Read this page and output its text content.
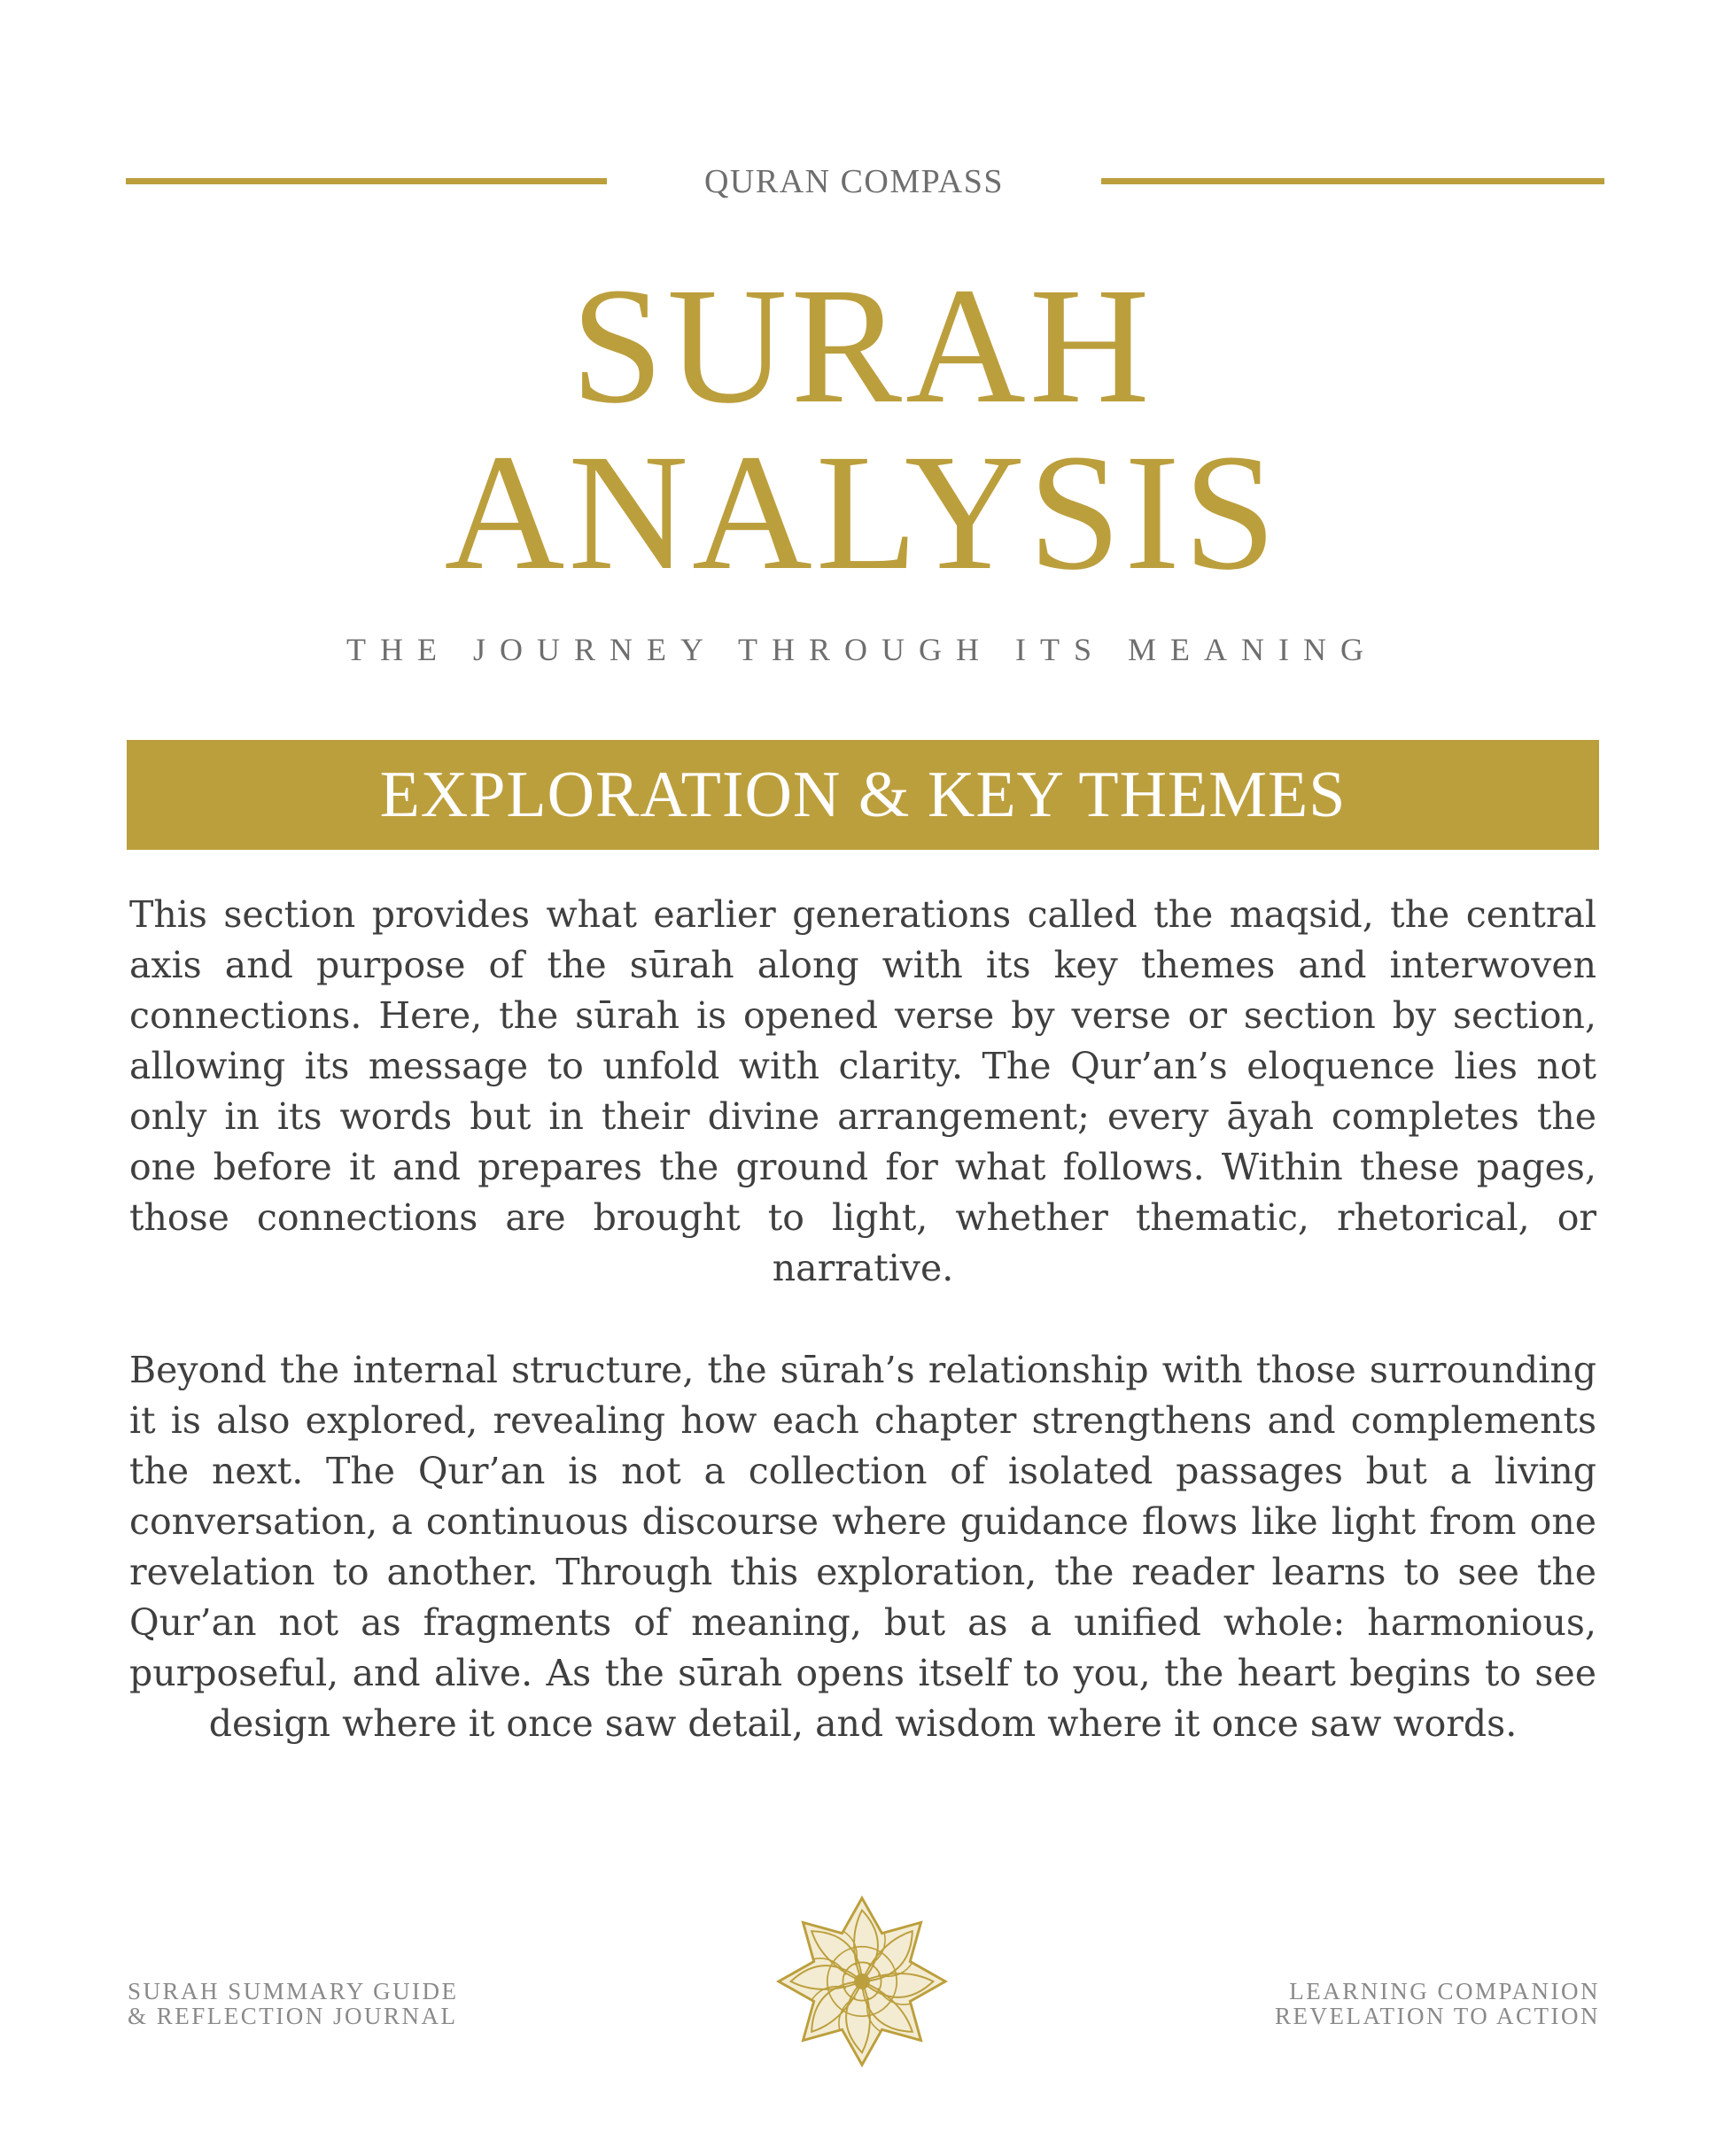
QURAN COMPASS
SURAH
ANALYSIS
THE JOURNEY THROUGH ITS MEANING
EXPLORATION & KEY THEMES

This section provides what earlier generations called the maqsid, the central axis and purpose of the sūrah along with its key themes and interwoven connections. Here, the sūrah is opened verse by verse or section by section, allowing its message to unfold with clarity. The Qur’an’s eloquence lies not only in its words but in their divine arrangement; every āyah completes the one before it and prepares the ground for what follows. Within these pages, those connections are brought to light, whether thematic, rhetorical, or narrative.

Beyond the internal structure, the sūrah’s relationship with those surrounding it is also explored, revealing how each chapter strengthens and complements the next. The Qur’an is not a collection of isolated passages but a living conversation, a continuous discourse where guidance flows like light from one revelation to another. Through this exploration, the reader learns to see the Qur’an not as fragments of meaning, but as a unified whole: harmonious, purposeful, and alive. As the sūrah opens itself to you, the heart begins to see design where it once saw detail, and wisdom where it once saw words.

SURAH SUMMARY GUIDE
& REFLECTION JOURNAL
LEARNING COMPANION
REVELATION TO ACTION
